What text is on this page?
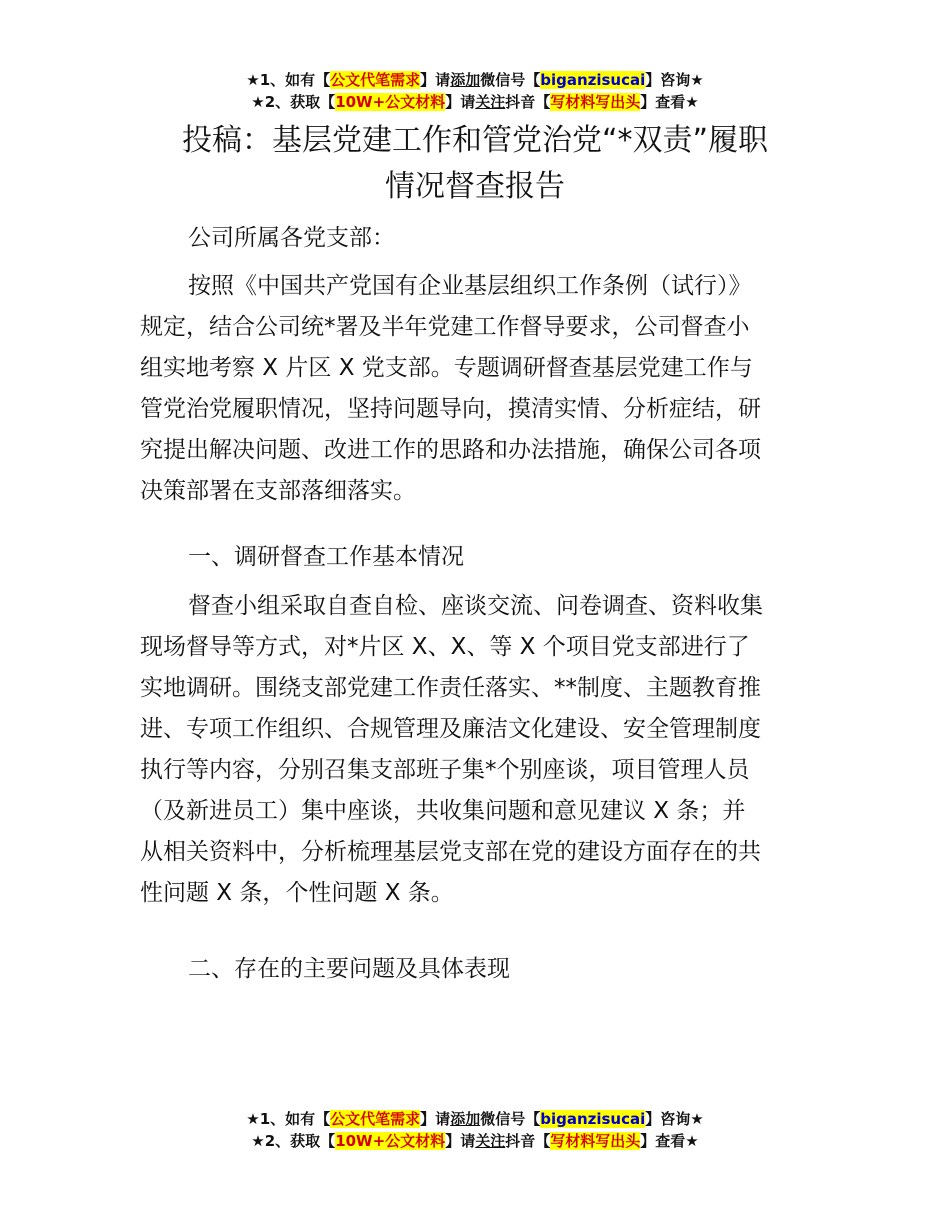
★1、如有【公文代笔需求】请添加微信号【biganzisucai】咨询★
★2、获取【10W+公文材料】请关注抖音【写材料写出头】查看★
投稿：基层党建工作和管党治党“*双责”履职
情况督查报告
公司所属各党支部：

按照《中国共产党国有企业基层组织工作条例（试行）》
规定，结合公司统*署及半年党建工作督导要求，公司督查小
组实地考察 X 片区 X 党支部。专题调研督查基层党建工作与
管党治党履职情况，坚持问题导向，摸清实情、分析症结，研
究提出解决问题、改进工作的思路和办法措施，确保公司各项
决策部署在支部落细落实。

一、调研督查工作基本情况

督查小组采取自查自检、座谈交流、问卷调查、资料收集
现场督导等方式，对*片区 X、X、等 X 个项目党支部进行了
实地调研。围绕支部党建工作责任落实、**制度、主题教育推
进、专项工作组织、合规管理及廉洁文化建设、安全管理制度
执行等内容，分别召集支部班子集*个别座谈，项目管理人员
（及新进员工）集中座谈，共收集问题和意见建议 X 条；并
从相关资料中，分析梳理基层党支部在党的建设方面存在的共
性问题 X 条，个性问题 X 条。

二、存在的主要问题及具体表现
★1、如有【公文代笔需求】请添加微信号【biganzisucai】咨询★
★2、获取【10W+公文材料】请关注抖音【写材料写出头】查看★
